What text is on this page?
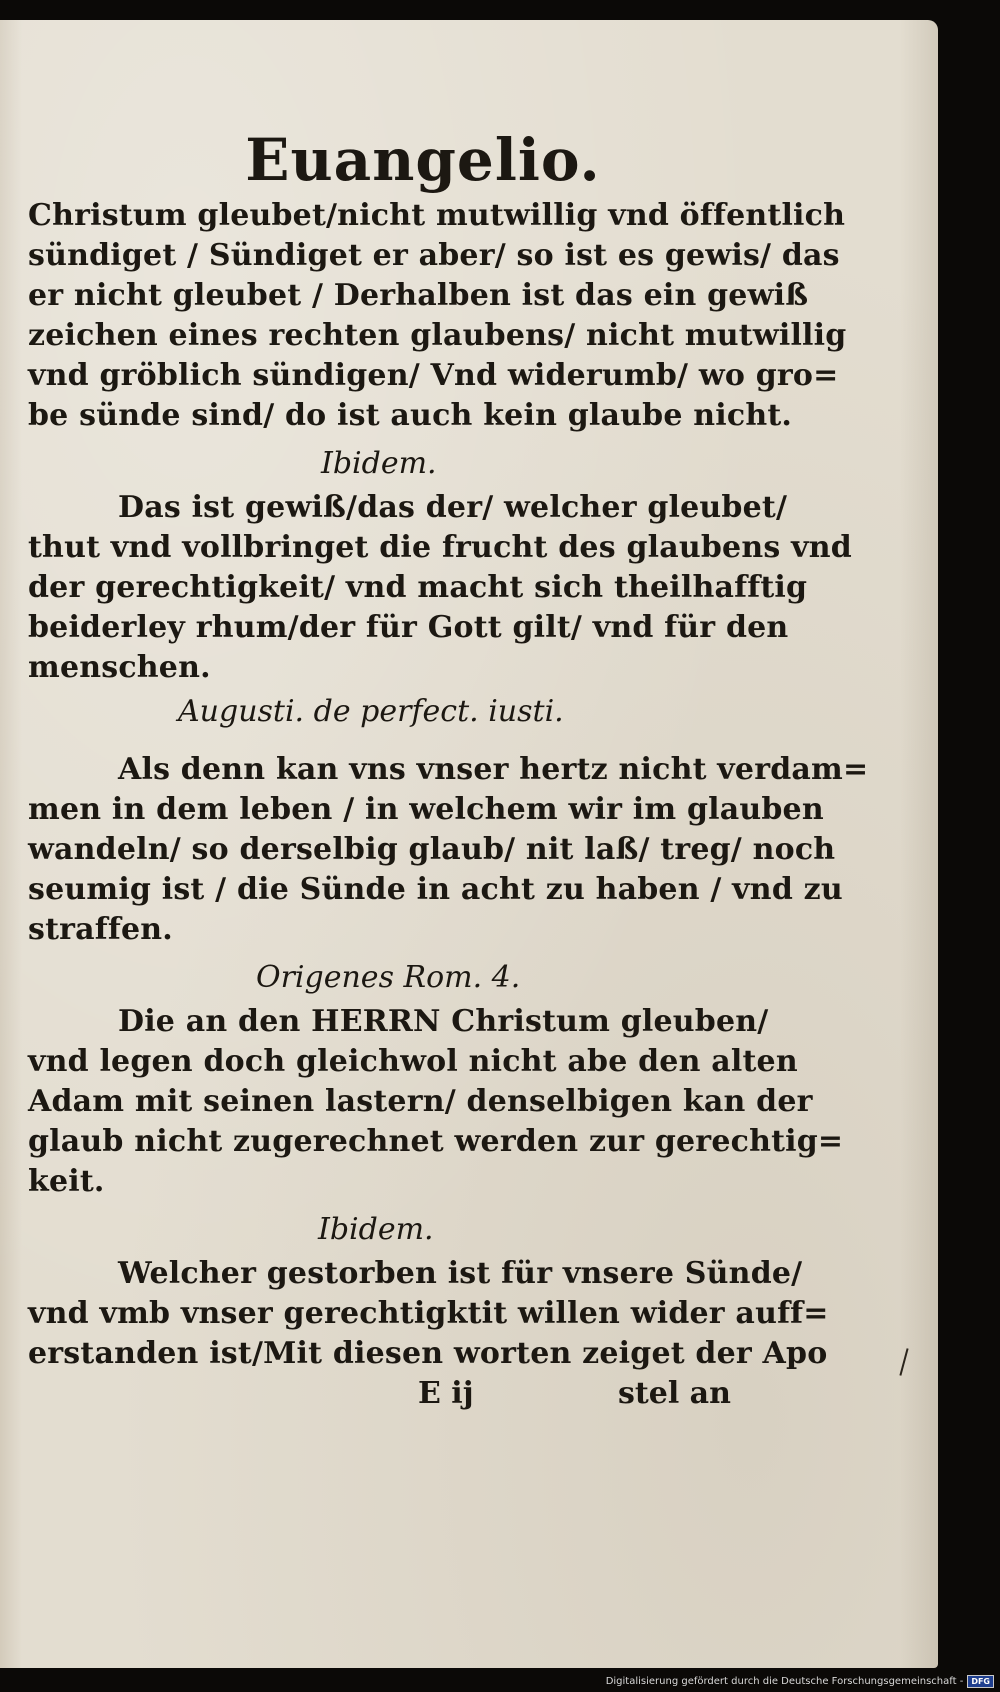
Euangelio.
Christum gleubet/nicht mutwillig vnd öffentlich
sündiget / Sündiget er aber/ so ist es gewis/ das
er nicht gleubet / Derhalben ist das ein gewiß
zeichen eines rechten glaubens/ nicht mutwillig
vnd gröblich sündigen/ Vnd widerumb/ wo gro=
be sünde sind/ do ist auch kein glaube nicht.
Ibidem.
Das ist gewiß/das der/ welcher gleubet/
thut vnd vollbringet die frucht des glaubens vnd
der gerechtigkeit/ vnd macht sich theilhafftig
beiderley rhum/der für Gott gilt/ vnd für den
menschen.
Augusti. de perfect. iusti.
Als denn kan vns vnser hertz nicht verdam=
men in dem leben / in welchem wir im glauben
wandeln/ so derselbig glaub/ nit laß/ treg/ noch
seumig ist / die Sünde in acht zu haben / vnd zu
straffen.
Origenes Rom. 4.
Die an den HERRN Christum gleuben/
vnd legen doch gleichwol nicht abe den alten
Adam mit seinen lastern/ denselbigen kan der
glaub nicht zugerechnet werden zur gerechtig=
keit.
Ibidem.
Welcher gestorben ist für vnsere Sünde/
vnd vmb vnser gerechtigktit willen wider auff=
erstanden ist/Mit diesen worten zeiget der Apo
E ij	stel an
Digitalisierung gefördert durch die Deutsche Forschungsgemeinschaft -	DFG
